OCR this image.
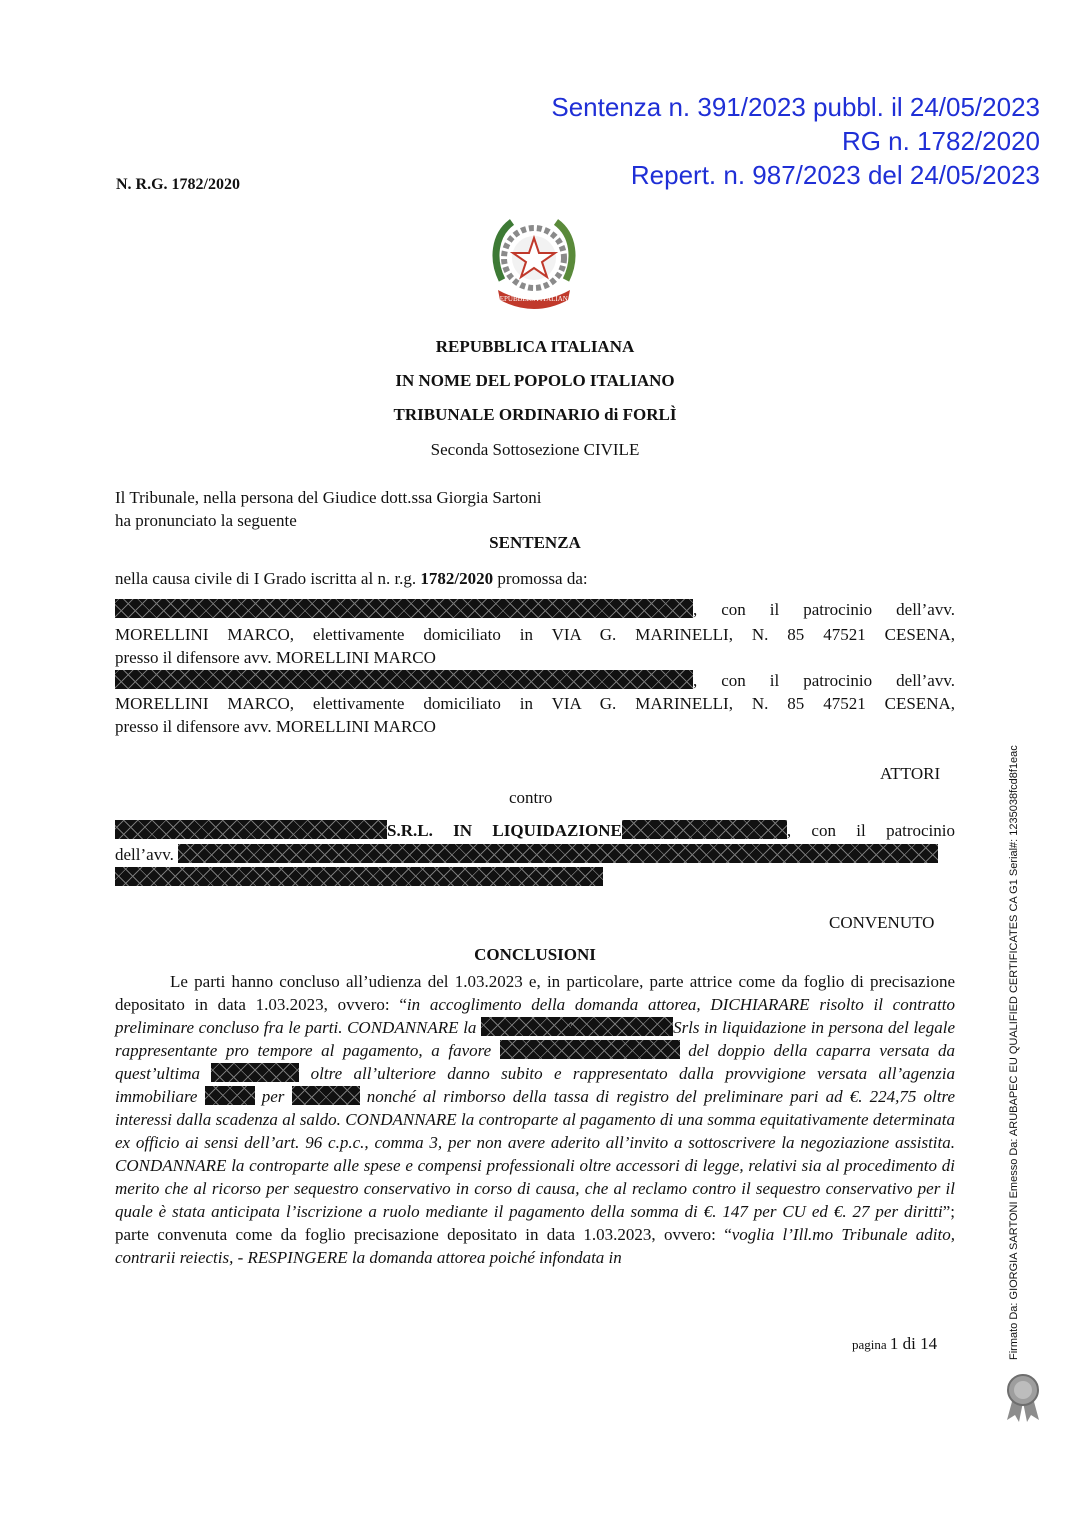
Sentenza n. 391/2023 pubbl. il 24/05/2023
RG n. 1782/2020
Repert. n. 987/2023 del 24/05/2023
N. R.G. 1782/2020
REPUBBLICA ITALIANA
REPUBBLICA ITALIANA
IN NOME DEL POPOLO ITALIANO
TRIBUNALE ORDINARIO di FORLÌ
Seconda Sottosezione CIVILE
Il Tribunale, nella persona del Giudice dott.ssa Giorgia Sartoni
ha pronunciato la seguente
SENTENZA
nella causa civile di I Grado iscritta al n. r.g. 1782/2020 promossa da:
, con il patrocinio dell’avv.
MORELLINI MARCO, elettivamente domiciliato in VIA G. MARINELLI, N. 85 47521 CESENA,
presso il difensore avv. MORELLINI MARCO
, con il patrocinio dell’avv.
MORELLINI MARCO, elettivamente domiciliato in VIA G. MARINELLI, N. 85 47521 CESENA,
presso il difensore avv. MORELLINI MARCO
ATTORI
contro
S.R.L. IN LIQUIDAZIONE	, con il patrocinio
dell’avv.
CONVENUTO
CONCLUSIONI

Le parti hanno concluso all’udienza del 1.03.2023 e, in particolare, parte attrice come da foglio di precisazione depositato in data 1.03.2023, ovvero: “in accoglimento della domanda attorea, DICHIARARE risolto il contratto preliminare concluso fra le parti. CONDANNARE la	Srls in liquidazione in persona del legale rappresentante pro tempore al pagamento, a favore	del doppio della caparra versata da quest’ultima	oltre all’ulteriore danno subito e rappresentato dalla provvigione versata all’agenzia immobiliare	per	nonché al rimborso della tassa di registro del preliminare pari ad €. 224,75 oltre interessi dalla scadenza al saldo. CONDANNARE la controparte al pagamento di una somma equitativamente determinata ex officio ai sensi dell’art. 96 c.p.c., comma 3, per non avere aderito all’invito a sottoscrivere la negoziazione assistita. CONDANNARE la controparte alle spese e compensi professionali oltre accessori di legge, relativi sia al procedimento di merito che al ricorso per sequestro conservativo in corso di causa, che al reclamo contro il sequestro conservativo per il quale è stata anticipata l’iscrizione a ruolo mediante il pagamento della somma di €. 147 per CU ed €. 27 per diritti”; parte convenuta come da foglio precisazione depositato in data 1.03.2023, ovvero: “voglia l’Ill.mo Tribunale adito, contrarii reiectis, - RESPINGERE la domanda attorea poiché infondata in

pagina 1 di 14	Firmato Da: GIORGIA SARTONI Emesso Da: ARUBAPEC EU QUALIFIED CERTIFICATES CA G1 Serial#: 1235038fcd8f1eac
